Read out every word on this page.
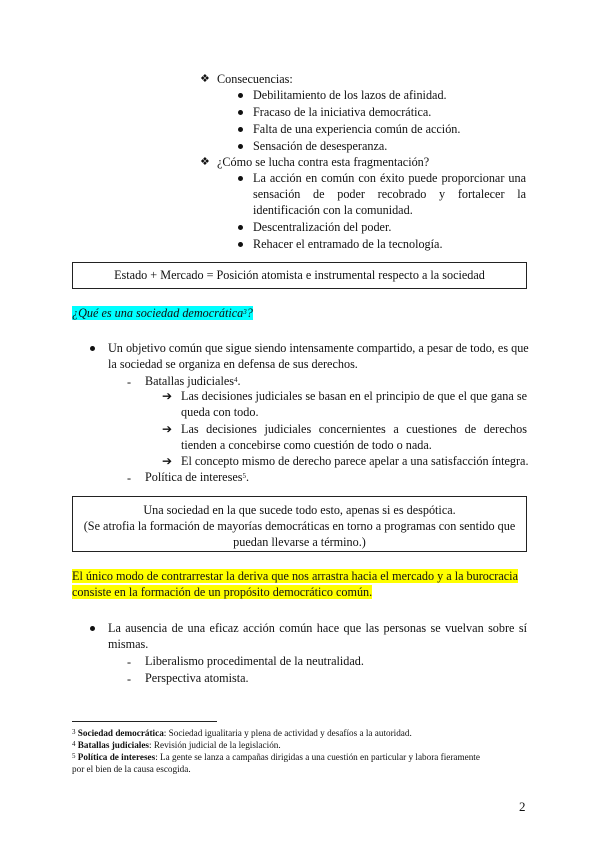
❖ Consecuencias:
Debilitamiento de los lazos de afinidad.
Fracaso de la iniciativa democrática.
Falta de una experiencia común de acción.
Sensación de desesperanza.
❖ ¿Cómo se lucha contra esta fragmentación?
La acción en común con éxito puede proporcionar una
sensación de poder recobrado y fortalecer la
identificación con la comunidad.
Descentralización del poder.
Rehacer el entramado de la tecnología.
Estado + Mercado = Posición atomista e instrumental respecto a la sociedad
¿Qué es una sociedad democrática$^3$?
Un objetivo común que sigue siendo intensamente compartido, a pesar de todo, es que
la sociedad se organiza en defensa de sus derechos.
- Batallas judiciales$^4$.
➔ Las decisiones judiciales se basan en el principio de que el que gana se
queda con todo.
➔ Las decisiones judiciales concernientes a cuestiones de derechos
tienden a concebirse como cuestión de todo o nada.
➔ El concepto mismo de derecho parece apelar a una satisfacción íntegra.
- Política de intereses$^5$.
Una sociedad en la que sucede todo esto, apenas si es despótica.
(Se atrofia la formación de mayorías democráticas en torno a programas con sentido que
puedan llevarse a término.)
El único modo de contrarrestar la deriva que nos arrastra hacia el mercado y a la burocracia
consiste en la formación de un propósito democrático común.
La ausencia de una eficaz acción común hace que las personas se vuelvan sobre sí
mismas.
- Liberalismo procedimental de la neutralidad.
- Perspectiva atomista.
$^3$ Sociedad democrática: Sociedad igualitaria y plena de actividad y desafíos a la autoridad.
$^4$ Batallas judiciales: Revisión judicial de la legislación.
$^5$ Política de intereses: La gente se lanza a campañas dirigidas a una cuestión en particular y labora fieramente
por el bien de la causa escogida.
2
